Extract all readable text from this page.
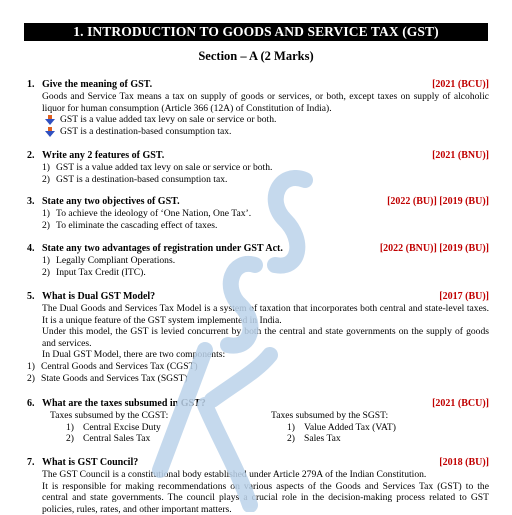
1. INTRODUCTION TO GOODS AND SERVICE TAX (GST)
Section – A (2 Marks)
1. Give the meaning of GST.	[2021 (BCU)]
Goods and Service Tax means a tax on supply of goods or services, or both, except taxes on supply of alcoholic liquor for human consumption (Article 366 (12A) of Constitution of India).
GST is a value added tax levy on sale or service or both.
GST is a destination-based consumption tax.
2. Write any 2 features of GST.	[2021 (BNU)]
1) GST is a value added tax levy on sale or service or both.
2) GST is a destination-based consumption tax.
3. State any two objectives of GST.	[2022 (BU)] [2019 (BU)]
1) To achieve the ideology of ‘One Nation, One Tax’.
2) To eliminate the cascading effect of taxes.
4. State any two advantages of registration under GST Act.	[2022 (BNU)] [2019 (BU)]
1) Legally Compliant Operations.
2) Input Tax Credit (ITC).
5. What is Dual GST Model?	[2017 (BU)]
The Dual Goods and Services Tax Model is a system of taxation that incorporates both central and state-level taxes. It is a unique feature of the GST system implemented in India.
Under this model, the GST is levied concurrent by both the central and state governments on the supply of goods and services.
In Dual GST Model, there are two components:
1) Central Goods and Services Tax (CGST)
2) State Goods and Services Tax (SGST)
6. What are the taxes subsumed in GST?	[2021 (BCU)]
Taxes subsumed by the CGST:
1) Central Excise Duty
2) Central Sales Tax
Taxes subsumed by the SGST:
1) Value Added Tax (VAT)
2) Sales Tax
7. What is GST Council?	[2018 (BU)]
The GST Council is a constitutional body established under Article 279A of the Indian Constitution.
It is responsible for making recommendations on various aspects of the Goods and Services Tax (GST) to the central and state governments. The council plays a crucial role in the decision-making process related to GST policies, rules, rates, and other important matters.
